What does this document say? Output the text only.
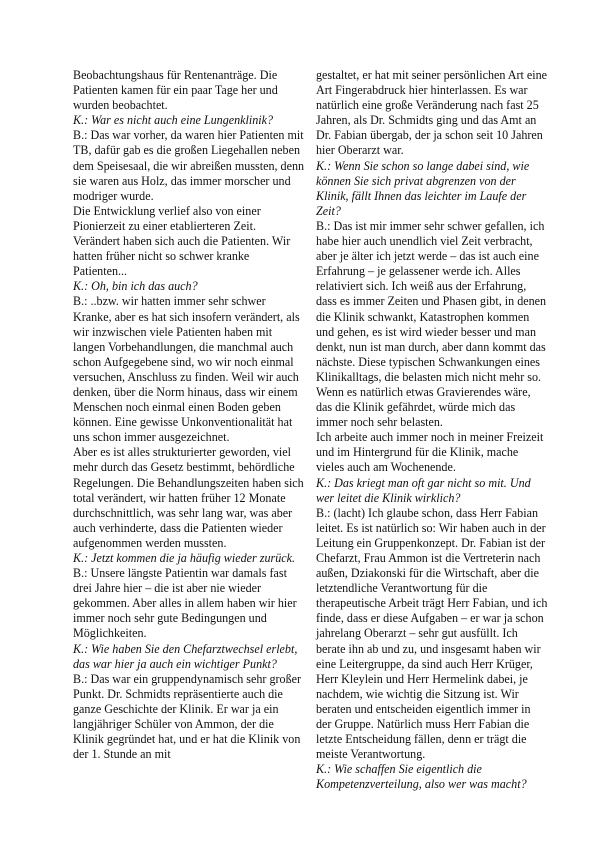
Beobachtungshaus für Rentenanträge. Die Patienten kamen für ein paar Tage her und wurden beobachtet.

K.: War es nicht auch eine Lungenklinik?

B.: Das war vorher, da waren hier Patienten mit TB, dafür gab es die großen Liegehallen neben dem Speisesaal, die wir abreißen mussten, denn sie waren aus Holz, das immer morscher und modriger wurde.

Die Entwicklung verlief also von einer Pionierzeit zu einer etablierteren Zeit. Verändert haben sich auch die Patienten. Wir hatten früher nicht so schwer kranke Patienten...

K.: Oh, bin ich das auch?

B.: ..bzw. wir hatten immer sehr schwer Kranke, aber es hat sich insofern verändert, als wir inzwischen viele Patienten haben mit langen Vorbehandlungen, die manchmal auch schon Aufgegebene sind, wo wir noch einmal versuchen, Anschluss zu finden. Weil wir auch denken, über die Norm hinaus, dass wir einem Menschen noch einmal einen Boden geben können. Eine gewisse Unkonventionalität hat uns schon immer ausgezeichnet.

Aber es ist alles strukturierter geworden, viel mehr durch das Gesetz bestimmt, behördliche Regelungen. Die Behandlungszeiten haben sich total verändert, wir hatten früher 12 Monate durchschnittlich, was sehr lang war, was aber auch verhinderte, dass die Patienten wieder aufgenommen werden mussten.

K.: Jetzt kommen die ja häufig wieder zurück.

B.: Unsere längste Patientin war damals fast drei Jahre hier – die ist aber nie wieder gekommen. Aber alles in allem haben wir hier immer noch sehr gute Bedingungen und Möglichkeiten.

K.: Wie haben Sie den Chefarztwechsel erlebt, das war hier ja auch ein wichtiger Punkt?

B.: Das war ein gruppendynamisch sehr großer Punkt. Dr. Schmidts repräsentierte auch die ganze Geschichte der Klinik. Er war ja ein langjähriger Schüler von Ammon, der die Klinik gegründet hat, und er hat die Klinik von der 1. Stunde an mit

gestaltet, er hat mit seiner persönlichen Art eine Art Fingerabdruck hier hinterlassen. Es war natürlich eine große Veränderung nach fast 25 Jahren, als Dr. Schmidts ging und das Amt an Dr. Fabian übergab, der ja schon seit 10 Jahren hier Oberarzt war.

K.: Wenn Sie schon so lange dabei sind, wie können Sie sich privat abgrenzen von der Klinik, fällt Ihnen das leichter im Laufe der Zeit?

B.: Das ist mir immer sehr schwer gefallen, ich habe hier auch unendlich viel Zeit verbracht, aber je älter ich jetzt werde – das ist auch eine Erfahrung – je gelassener werde ich. Alles relativiert sich. Ich weiß aus der Erfahrung, dass es immer Zeiten und Phasen gibt, in denen die Klinik schwankt, Katastrophen kommen und gehen, es ist wird wieder besser und man denkt, nun ist man durch, aber dann kommt das nächste. Diese typischen Schwankungen eines Klinikalltags, die belasten mich nicht mehr so. Wenn es natürlich etwas Gravierendes wäre, das die Klinik gefährdet, würde mich das immer noch sehr belasten.

Ich arbeite auch immer noch in meiner Freizeit und im Hintergrund für die Klinik, mache vieles auch am Wochenende.

K.: Das kriegt man oft gar nicht so mit. Und wer leitet die Klinik wirklich?

B.: (lacht) Ich glaube schon, dass Herr Fabian leitet. Es ist natürlich so: Wir haben auch in der Leitung ein Gruppenkonzept. Dr. Fabian ist der Chefarzt, Frau Ammon ist die Vertreterin nach außen, Dziakonski für die Wirtschaft, aber die letztendliche Verantwortung für die therapeutische Arbeit trägt Herr Fabian, und ich finde, dass er diese Aufgaben – er war ja schon jahrelang Oberarzt – sehr gut ausfüllt. Ich berate ihn ab und zu, und insgesamt haben wir eine Leitergruppe, da sind auch Herr Krüger, Herr Kleylein und Herr Hermelink dabei, je nachdem, wie wichtig die Sitzung ist. Wir beraten und entscheiden eigentlich immer in der Gruppe. Natürlich muss Herr Fabian die letzte Entscheidung fällen, denn er trägt die meiste Verantwortung.

K.: Wie schaffen Sie eigentlich die Kompetenzverteilung, also wer was macht?
